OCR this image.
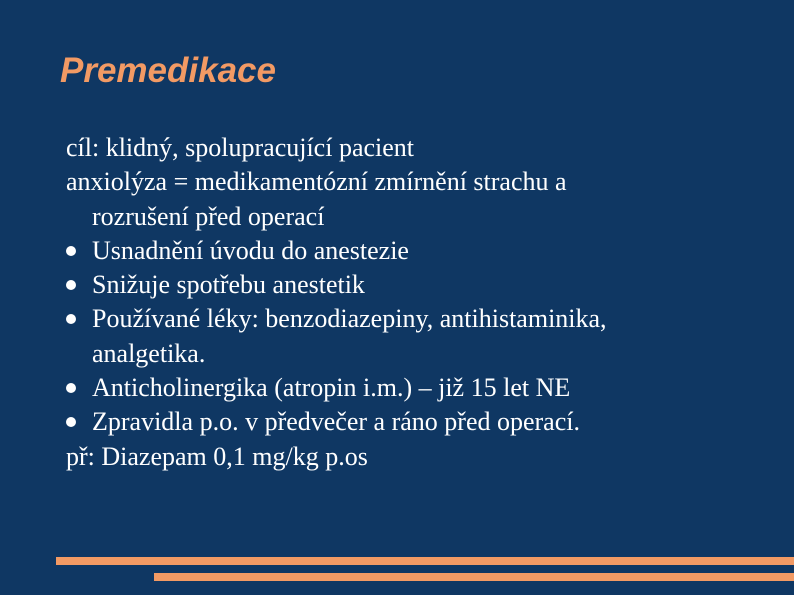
Premedikace

cíl: klidný, spolupracující pacient

anxiolýza = medikamentózní zmírnění strachu a

rozrušení před operací

Usnadnění úvodu do anestezie

Snižuje spotřebu anestetik

Používané léky: benzodiazepiny, antihistaminika,

analgetika.

Anticholinergika (atropin i.m.) – již 15 let NE

Zpravidla p.o. v předvečer a ráno před operací.

př: Diazepam 0,1 mg/kg p.os
